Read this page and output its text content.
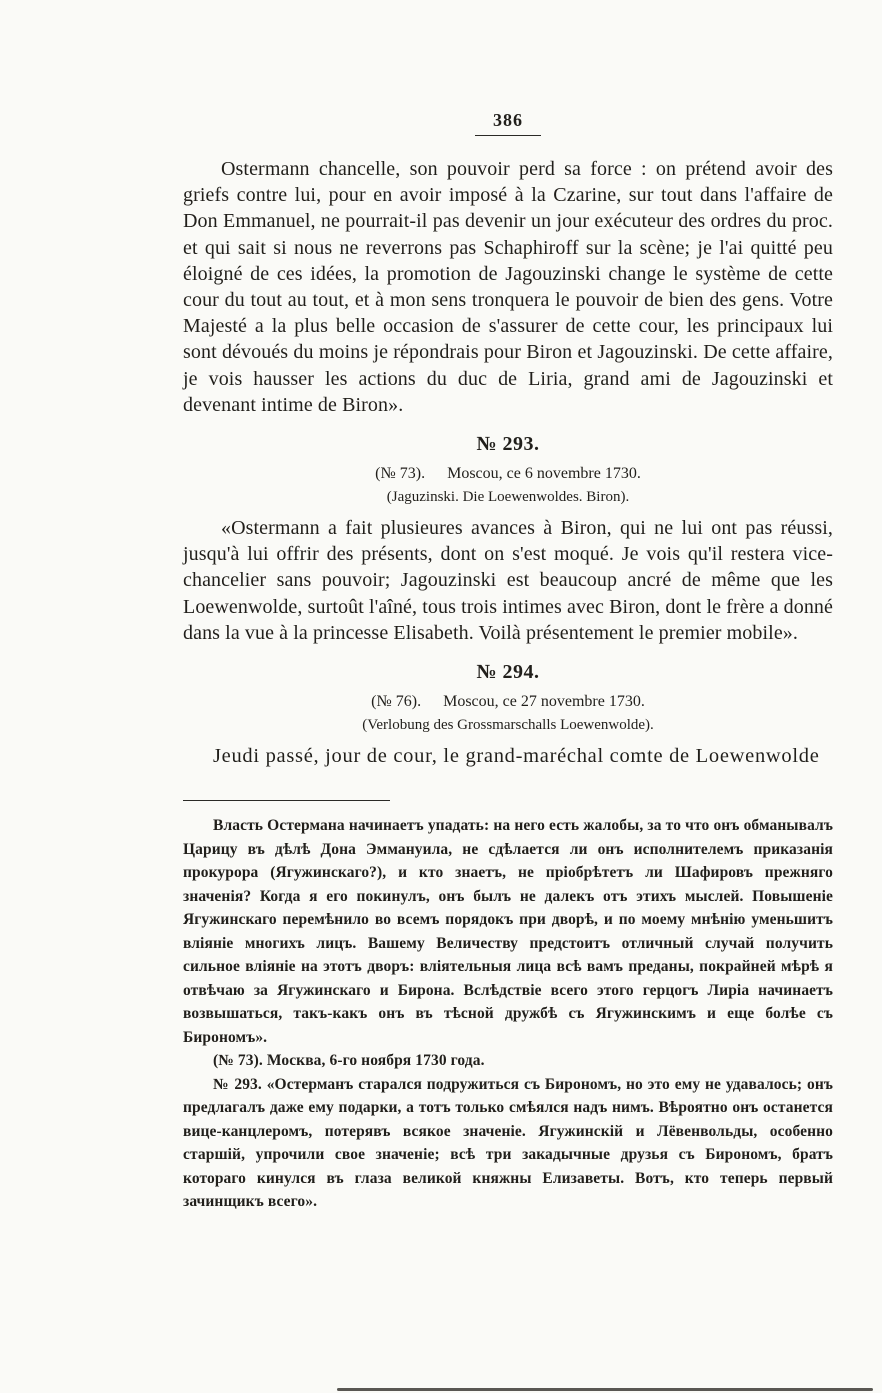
386

Ostermann chancelle, son pouvoir perd sa force : on prétend avoir des griefs contre lui, pour en avoir imposé à la Czarine, sur tout dans l'affaire de Don Emmanuel, ne pourrait-il pas devenir un jour exécuteur des ordres du proc. et qui sait si nous ne reverrons pas Schaphiroff sur la scène; je l'ai quitté peu éloigné de ces idées, la promotion de Jagouzinski change le système de cette cour du tout au tout, et à mon sens tronquera le pouvoir de bien des gens. Votre Majesté a la plus belle occasion de s'assurer de cette cour, les principaux lui sont dévoués du moins je répondrais pour Biron et Jagouzinski. De cette affaire, je vois hausser les actions du duc de Liria, grand ami de Jagouzinski et devenant intime de Biron».

№ 293.
(№ 73). Moscou, ce 6 novembre 1730.
(Jaguzinski. Die Loewenwoldes. Biron).

«Ostermann a fait plusieures avances à Biron, qui ne lui ont pas réussi, jusqu'à lui offrir des présents, dont on s'est moqué. Je vois qu'il restera vice-chancelier sans pouvoir; Jagouzinski est beaucoup ancré de même que les Loewenwolde, surtoût l'aîné, tous trois intimes avec Biron, dont le frère a donné dans la vue à la princesse Elisabeth. Voilà présentement le premier mobile».

№ 294.
(№ 76). Moscou, ce 27 novembre 1730.
(Verlobung des Grossmarschalls Loewenwolde).

Jeudi passé, jour de cour, le grand-maréchal comte de Loewenwolde

Власть Остермана начинаетъ упадать: на него есть жалобы, за то что онъ обманывалъ Царицу въ дѣлѣ Дона Эммануила, не сдѣлается ли онъ исполнителемъ приказанія прокурора (Ягужинскаго?), и кто знаетъ, не пріобрѣтетъ ли Шафировъ прежняго значенія? Когда я его покинулъ, онъ былъ не далекъ отъ этихъ мыслей. Повышеніе Ягужинскаго перемѣнило во всемъ порядокъ при дворѣ, и по моему мнѣнію уменьшитъ вліяніе многихъ лицъ. Вашему Величеству предстоитъ отличный случай получить сильное вліяніе на этотъ дворъ: вліятельныя лица всѣ вамъ преданы, покрайней мѣрѣ я отвѣчаю за Ягужинскаго и Бирона. Вслѣдствіе всего этого герцогъ Лиріа начинаетъ возвышаться, такъ-какъ онъ въ тѣсной дружбѣ съ Ягужинскимъ и еще болѣе съ Бирономъ».

(№ 73). Москва, 6-го ноября 1730 года.

№ 293. «Остерманъ старался подружиться съ Бирономъ, но это ему не удавалось; онъ предлагалъ даже ему подарки, а тотъ только смѣялся надъ нимъ. Вѣроятно онъ останется вице-канцлеромъ, потерявъ всякое значеніе. Ягужинскій и Лёвенвольды, особенно старшій, упрочили свое значеніе; всѣ три закадычные друзья съ Бирономъ, братъ котораго кинулся въ глаза великой княжны Елизаветы. Вотъ, кто теперь первый зачинщикъ всего».
